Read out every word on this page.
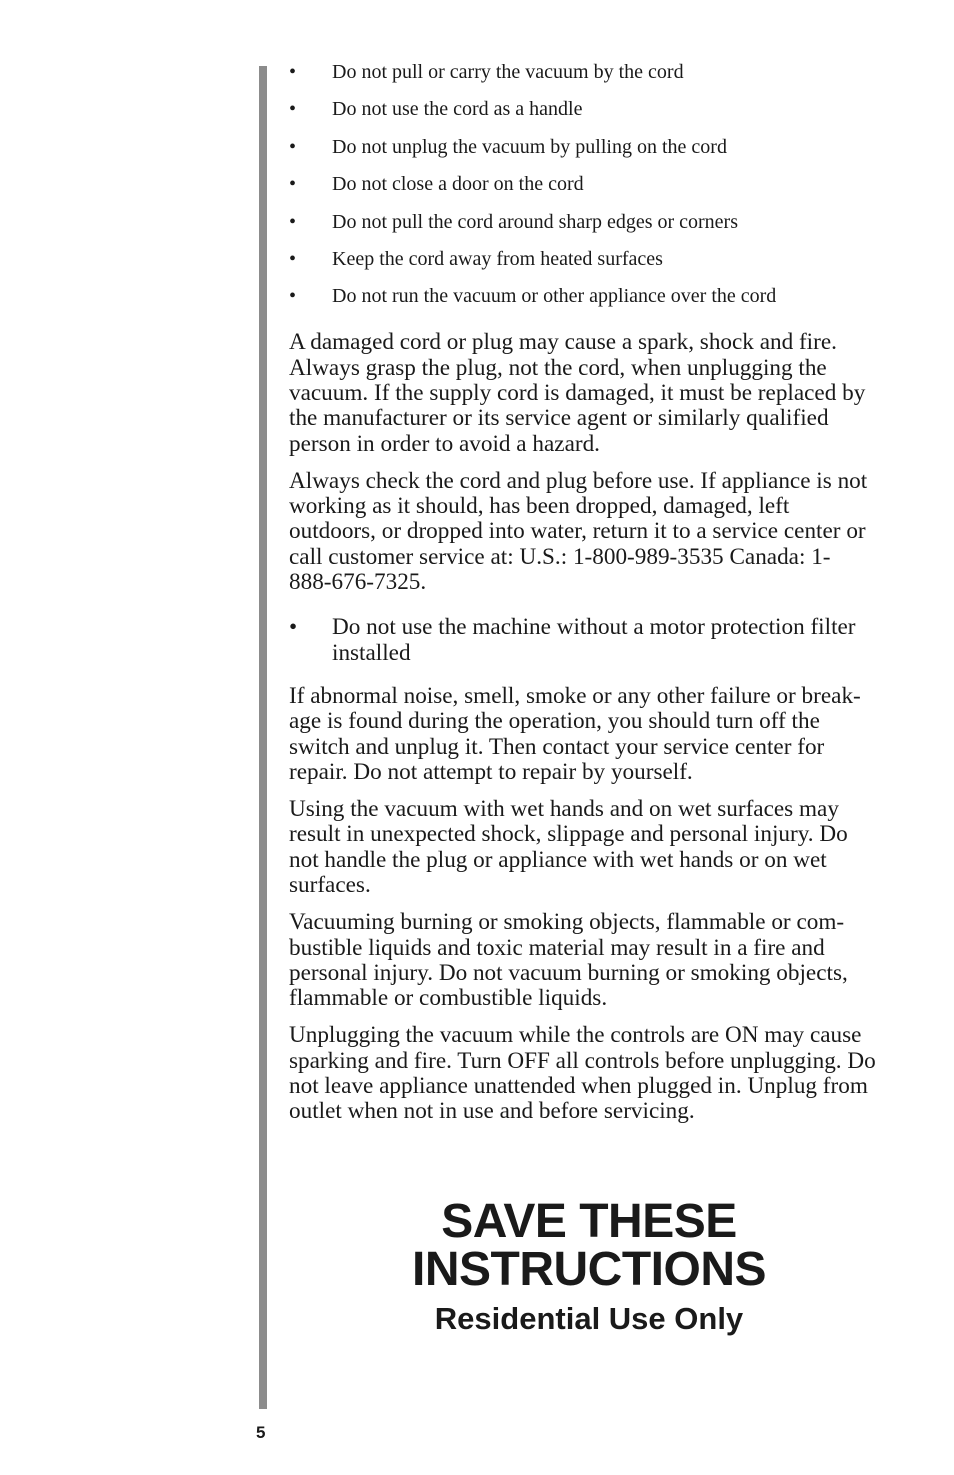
• Do not pull or carry the vacuum by the cord
• Do not use the cord as a handle
• Do not unplug the vacuum by pulling on the cord
• Do not close a door on the cord
• Do not pull the cord around sharp edges or corners
• Keep the cord away from heated surfaces
• Do not run the vacuum or other appliance over the cord

A damaged cord or plug may cause a spark, shock and fire. Always grasp the plug, not the cord, when unplugging the vacuum. If the supply cord is damaged, it must be replaced by the manufacturer or its service agent or similarly qualified person in order to avoid a hazard.

Always check the cord and plug before use. If appliance is not working as it should, has been dropped, damaged, left outdoors, or dropped into water, return it to a service center or call customer service at: U.S.: 1-800-989-3535 Canada: 1-888-676-7325.

• Do not use the machine without a motor protection filter installed

If abnormal noise, smell, smoke or any other failure or breakage is found during the operation, you should turn off the switch and unplug it. Then contact your service center for repair. Do not attempt to repair by yourself.

Using the vacuum with wet hands and on wet surfaces may result in unexpected shock, slippage and personal injury. Do not handle the plug or appliance with wet hands or on wet surfaces.

Vacuuming burning or smoking objects, flammable or combustible liquids and toxic material may result in a fire and personal injury. Do not vacuum burning or smoking objects, flammable or combustible liquids.

Unplugging the vacuum while the controls are ON may cause sparking and fire. Turn OFF all controls before unplugging. Do not leave appliance unattended when plugged in. Unplug from outlet when not in use and before servicing.

SAVE THESE
INSTRUCTIONS
Residential Use Only
5
